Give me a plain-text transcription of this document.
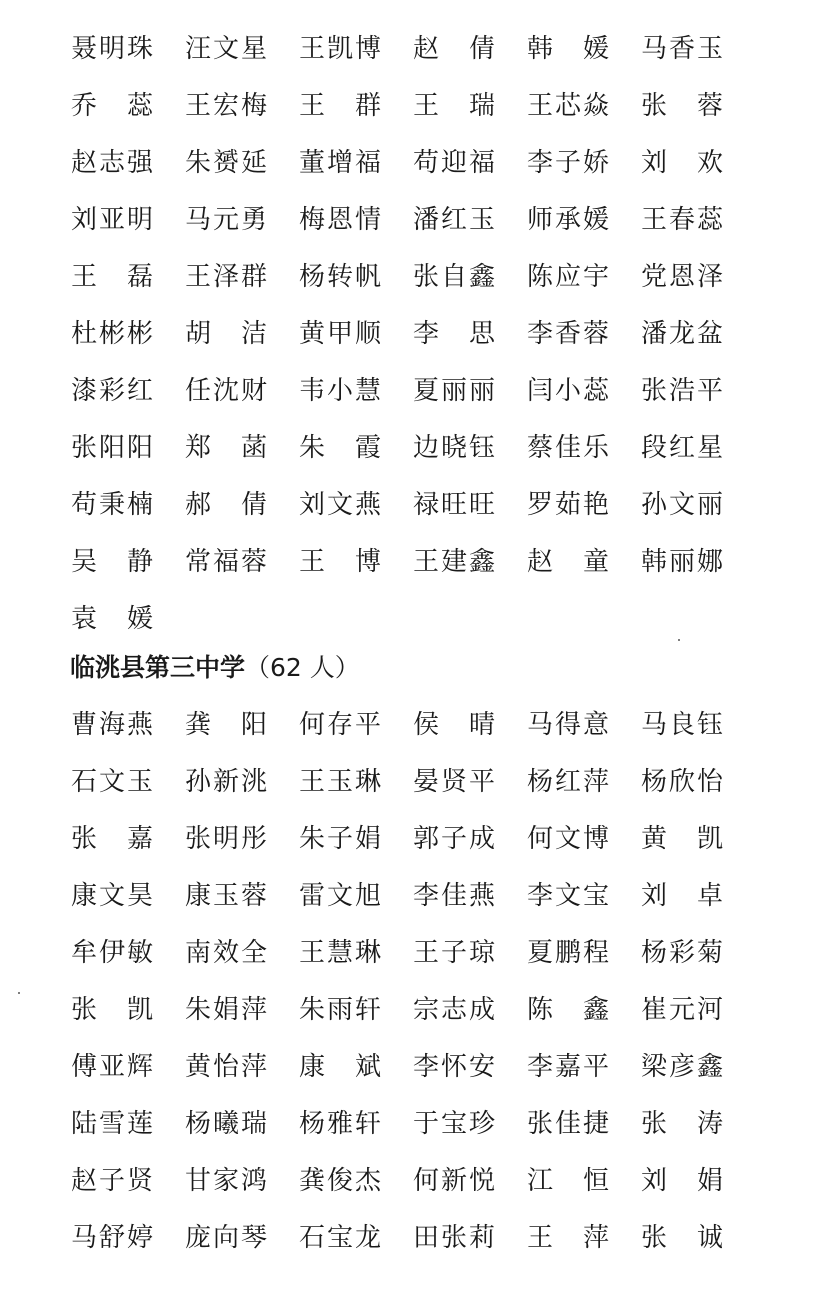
聂明珠	汪文星	王凯博	赵 倩	韩 媛	马香玉
乔 蕊	王宏梅	王 群	王 瑞	王芯焱	张 蓉
赵志强	朱赟延	董增福	苟迎福	李子娇	刘 欢
刘亚明	马元勇	梅恩情	潘红玉	师承媛	王春蕊
王 磊	王泽群	杨转帆	张自鑫	陈应宇	党恩泽
杜彬彬	胡 洁	黄甲顺	李 思	李香蓉	潘龙盆
漆彩红	任沈财	韦小慧	夏丽丽	闫小蕊	张浩平
张阳阳	郑 菡	朱 霞	边晓钰	蔡佳乐	段红星
苟秉楠	郝 倩	刘文燕	禄旺旺	罗茹艳	孙文丽
吴 静	常福蓉	王 博	王建鑫	赵 童	韩丽娜
袁 媛
临洮县第三中学（62 人）
曹海燕	龚 阳	何存平	侯 晴	马得意	马良钰
石文玉	孙新洮	王玉琳	晏贤平	杨红萍	杨欣怡
张 嘉	张明彤	朱子娟	郭子成	何文博	黄 凯
康文昊	康玉蓉	雷文旭	李佳燕	李文宝	刘 卓
牟伊敏	南效全	王慧琳	王子琼	夏鹏程	杨彩菊
张 凯	朱娟萍	朱雨轩	宗志成	陈 鑫	崔元河
傅亚辉	黄怡萍	康 斌	李怀安	李嘉平	梁彦鑫
陆雪莲	杨曦瑞	杨雅轩	于宝珍	张佳捷	张 涛
赵子贤	甘家鸿	龚俊杰	何新悦	江 恒	刘 娟
马舒婷	庞向琴	石宝龙	田张莉	王 萍	张 诚
